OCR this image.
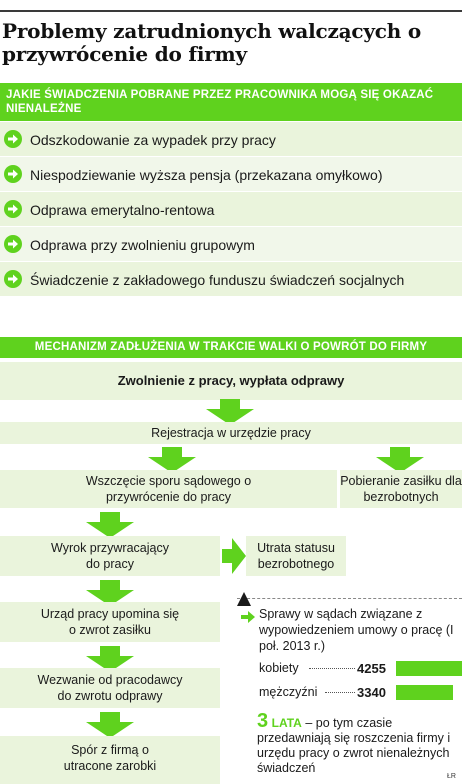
Problemy zatrudnionych walczących o przywrócenie do firmy
JAKIE ŚWIADCZENIA POBRANE PRZEZ PRACOWNIKA MOGĄ SIĘ OKAZAĆ NIENALEŻNE
Odszkodowanie za wypadek przy pracy
Niespodziewanie wyższa pensja (przekazana omyłkowo)
Odprawa emerytalno-rentowa
Odprawa przy zwolnieniu grupowym
Świadczenie z zakładowego funduszu świadczeń socjalnych
MECHANIZM ZADŁUŻENIA W TRAKCIE WALKI O POWRÓT DO FIRMY
Zwolnienie z pracy, wypłata odprawy
Rejestracja w urzędzie pracy
Wszczęcie sporu sądowego o przywrócenie do pracy
Pobieranie zasiłku dla bezrobotnych
Wyrok przywracający do pracy
Utrata statusu bezrobotnego
Urząd pracy upomina się o zwrot zasiłku
Wezwanie od pracodawcy do zwrotu odprawy
Spór z firmą o utracone zarobki
Sprawy w sądach związane z wypowiedzeniem umowy o pracę (I poł. 2013 r.)
kobiety	4255
mężczyźni	3340
3 LATA – po tym czasie przedawniają się roszczenia firmy i urzędu pracy o zwrot nienależnych świadczeń
ŁR
